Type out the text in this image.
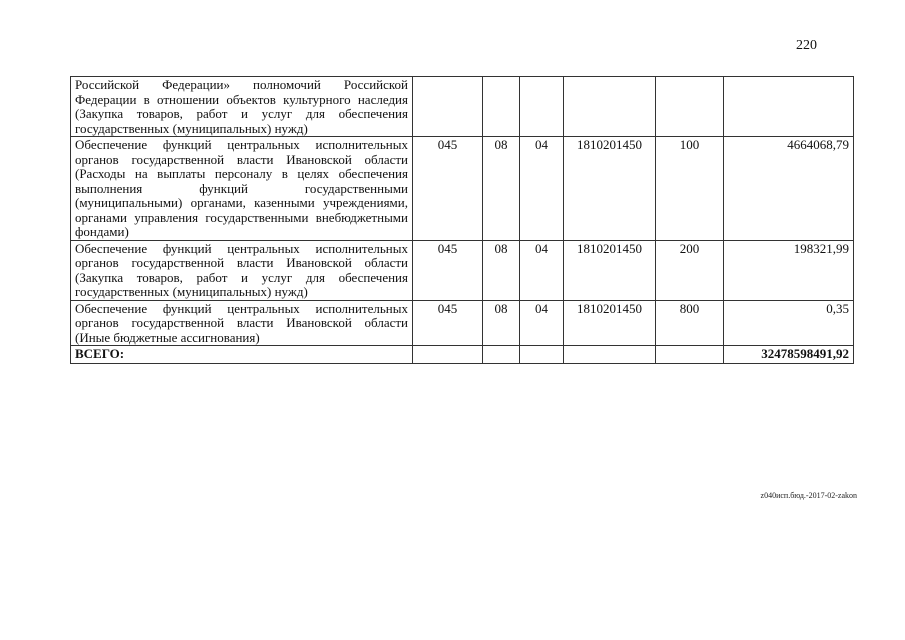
220
Российской Федерации» полномочий Российской Федерации в отношении объектов культурного наследия (Закупка товаров, работ и услуг для обеспечения государственных (муниципальных) нужд)						
Обеспечение функций центральных исполнительных органов государственной власти Ивановской области (Расходы на выплаты персоналу в целях обеспечения выполнения функций государственными (муниципальными) органами, казенными учреждениями, органами управления государственными внебюджетными фондами)	045	08	04	1810201450	100	4664068,79
Обеспечение функций центральных исполнительных органов государственной власти Ивановской области (Закупка товаров, работ и услуг для обеспечения государственных (муниципальных) нужд)	045	08	04	1810201450	200	198321,99
Обеспечение функций центральных исполнительных органов государственной власти Ивановской области (Иные бюджетные ассигнования)	045	08	04	1810201450	800	0,35
ВСЕГО:						32478598491,92
z040исп.бюд.-2017-02-zakon
